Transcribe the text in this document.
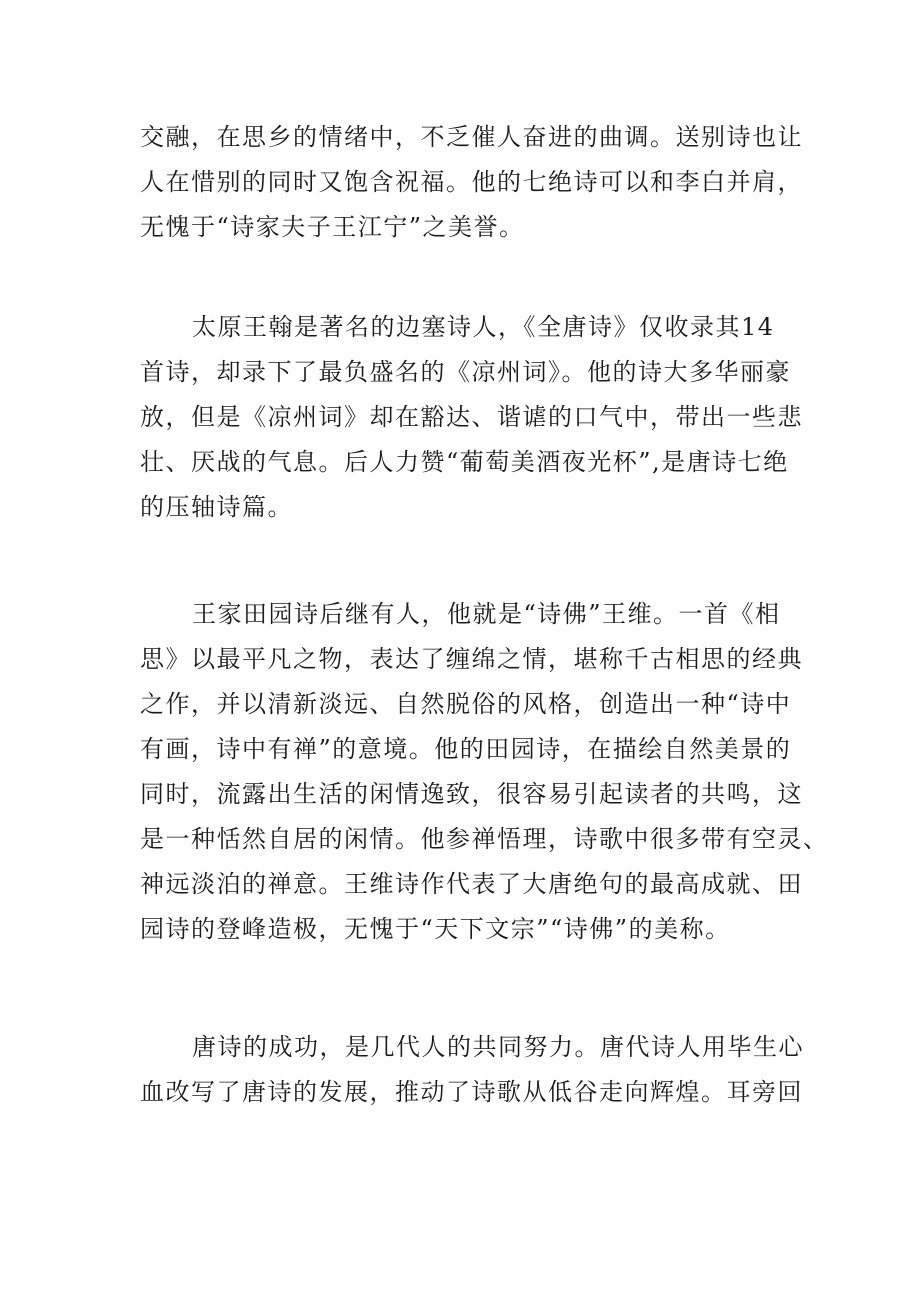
交融，在思乡的情绪中，不乏催人奋进的曲调。送别诗也让
人在惜别的同时又饱含祝福。他的七绝诗可以和李白并肩，
无愧于“诗家夫子王江宁”之美誉。
太原王翰是著名的边塞诗人，《全唐诗》仅收录其14
首诗，却录下了最负盛名的《凉州词》。他的诗大多华丽豪
放，但是《凉州词》却在豁达、谐谑的口气中，带出一些悲
壮、厌战的气息。后人力赞“葡萄美酒夜光杯”,是唐诗七绝
的压轴诗篇。
王家田园诗后继有人，他就是“诗佛”王维。一首《相
思》以最平凡之物，表达了缠绵之情，堪称千古相思的经典
之作，并以清新淡远、自然脱俗的风格，创造出一种“诗中
有画，诗中有禅”的意境。他的田园诗，在描绘自然美景的
同时，流露出生活的闲情逸致，很容易引起读者的共鸣，这
是一种恬然自居的闲情。他参禅悟理，诗歌中很多带有空灵、
神远淡泊的禅意。王维诗作代表了大唐绝句的最高成就、田
园诗的登峰造极，无愧于“天下文宗”“诗佛”的美称。
唐诗的成功，是几代人的共同努力。唐代诗人用毕生心
血改写了唐诗的发展，推动了诗歌从低谷走向辉煌。耳旁回
